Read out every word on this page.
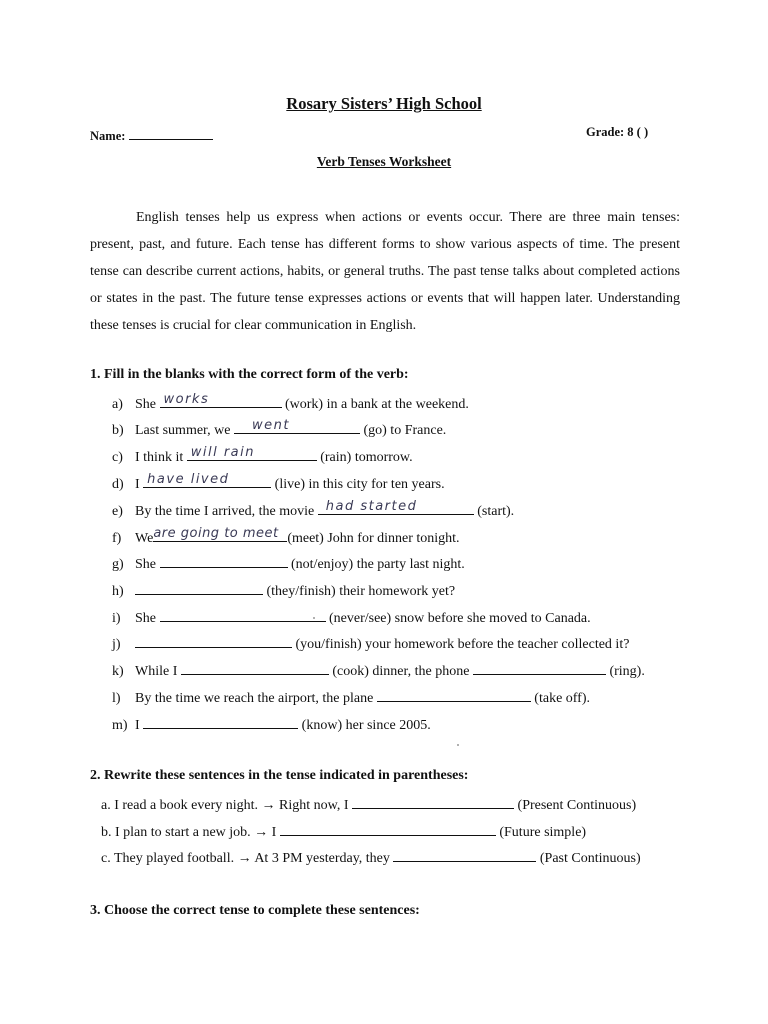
Rosary Sisters’ High School
Name:	Grade: 8 ( )
Verb Tenses Worksheet
English tenses help us express when actions or events occur. There are three main tenses: present, past, and future. Each tense has different forms to show various aspects of time. The present tense can describe current actions, habits, or general truths. The past tense talks about completed actions or states in the past. The future tense expresses actions or events that will happen later. Understanding these tenses is crucial for clear communication in English.
1. Fill in the blanks with the correct form of the verb:
a) She works	(work) in a bank at the weekend.
b) Last summer, we went	(go) to France.
c) I think it will rain	(rain) tomorrow.
d) I have lived	(live) in this city for ten years.
e) By the time I arrived, the movie had started	(start).
f) We are going to meet (meet) John for dinner tonight.
g) She	(not/enjoy) the party last night.
h)	(they/finish) their homework yet?
i) She	(never/see) snow before she moved to Canada.
j)	(you/finish) your homework before the teacher collected it?
k) While I	(cook) dinner, the phone	(ring).
l) By the time we reach the airport, the plane	(take off).
m) I	(know) her since 2005.
2. Rewrite these sentences in the tense indicated in parentheses:
a. I read a book every night. → Right now, I	(Present Continuous)
b. I plan to start a new job. → I	(Future simple)
c. They played football. → At 3 PM yesterday, they	(Past Continuous)
3. Choose the correct tense to complete these sentences:
